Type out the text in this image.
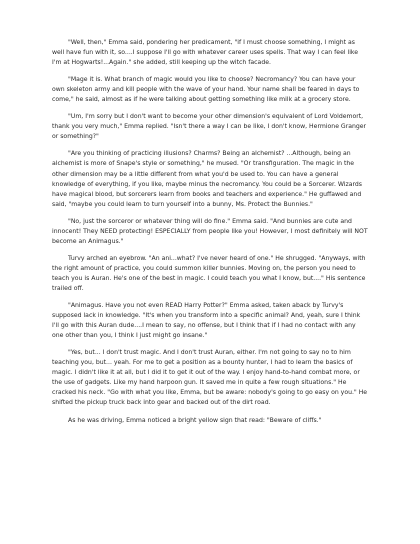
"Well, then," Emma said, pondering her predicament, "if I must choose something, I might as well have fun with it, so....I suppose I'll go with whatever career uses spells. That way I can feel like I'm at Hogwarts!...Again." she added, still keeping up the witch facade.

"Mage it is. What branch of magic would you like to choose? Necromancy? You can have your own skeleton army and kill people with the wave of your hand. Your name shall be feared in days to come," he said, almost as if he were talking about getting something like milk at a grocery store.

"Um, I'm sorry but I don't want to become your other dimension's equivalent of Lord Voldemort, thank you very much," Emma replied. "Isn't there a way I can be like, I don't know, Hermione Granger or something?"

"Are you thinking of practicing illusions? Charms? Being an alchemist? ...Although, being an alchemist is more of Snape's style or something," he mused. "Or transfiguration. The magic in the other dimension may be a little different from what you'd be used to. You can have a general knowledge of everything, if you like, maybe minus the necromancy. You could be a Sorcerer. Wizards have magical blood, but sorcerers learn from books and teachers and experience." He guffawed and said, "maybe you could learn to turn yourself into a bunny, Ms. Protect the Bunnies."

"No, just the sorceror or whatever thing will do fine." Emma said. "And bunnies are cute and innocent! They NEED protecting! ESPECIALLY from people like you! However, I most definitely will NOT become an Animagus."

Turvy arched an eyebrow. "An ani...what? I've never heard of one." He shrugged. "Anyways, with the right amount of practice, you could summon killer bunnies. Moving on, the person you need to teach you is Auran. He's one of the best in magic. I could teach you what I know, but...." His sentence trailed off.

"Animagus. Have you not even READ Harry Potter?" Emma asked, taken aback by Turvy's supposed lack in knowledge. "It's when you transform into a specific animal? And, yeah, sure I think I'll go with this Auran dude....I mean to say, no offense, but I think that if I had no contact with any one other than you, I think I just might go insane."

"Yes, but... I don't trust magic. And I don't trust Auran, either. I'm not going to say no to him teaching you, but... yeah. For me to get a position as a bounty hunter, I had to learn the basics of magic. I didn't like it at all, but I did it to get it out of the way. I enjoy hand-to-hand combat more, or the use of gadgets. Like my hand harpoon gun. It saved me in quite a few rough situations." He cracked his neck. "Go with what you like, Emma, but be aware: nobody's going to go easy on you." He shifted the pickup truck back into gear and backed out of the dirt road.

As he was driving, Emma noticed a bright yellow sign that read: "Beware of cliffs."
